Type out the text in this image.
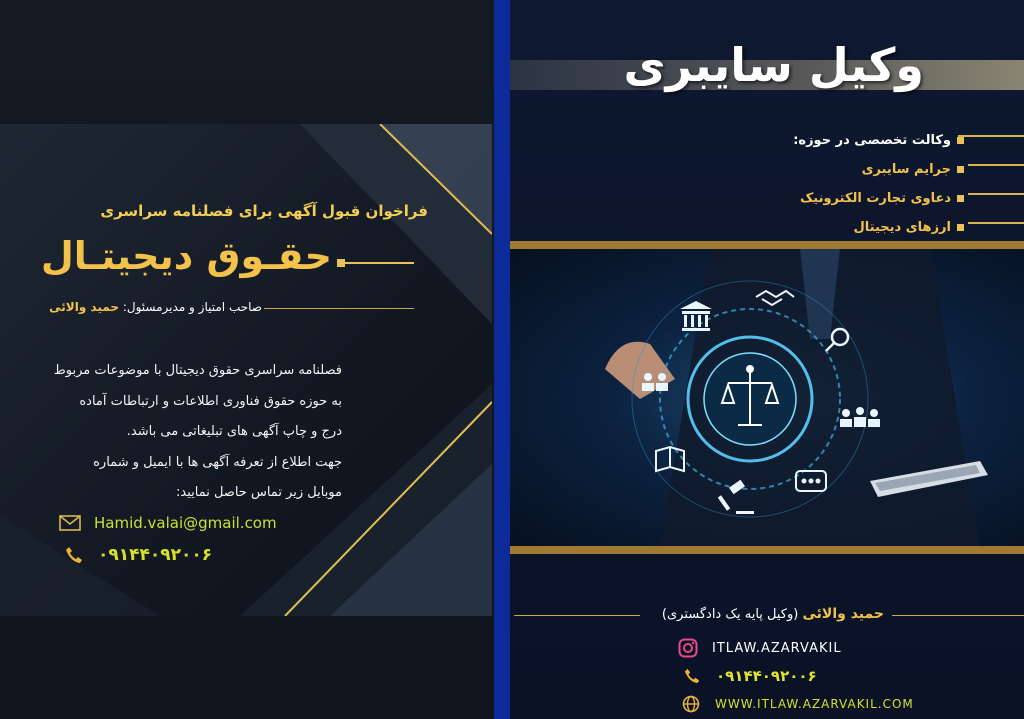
فراخوان قبول آگهی برای فصلنامه سراسری
حقـوق دیجیتـال
صاحب امتیاز و مدیرمسئول: حمید والائی

فصلنامه سراسری حقوق دیجیتال با موضوعات مربوط

به حوزه حقوق فناوری اطلاعات و ارتباطات آماده

درج و چاپ آگهی های تبلیغاتی می باشد.

جهت اطلاع از تعرفه آگهی ها با ایمیل و شماره

موبایل زیر تماس حاصل نمایید:

Hamid.valai@gmail.com
۰۹۱۴۴۰۹۲۰۰۶
وکیل سایبری
وکالت تخصصی در حوزه:
جرایم سایبری
دعاوی تجارت الکترونیک
ارزهای دیجیتال
حمید والائی (وکیل پایه یک دادگستری)
ITLAW.AZARVAKIL
۰۹۱۴۴۰۹۲۰۰۶
WWW.ITLAW.AZARVAKIL.COM
